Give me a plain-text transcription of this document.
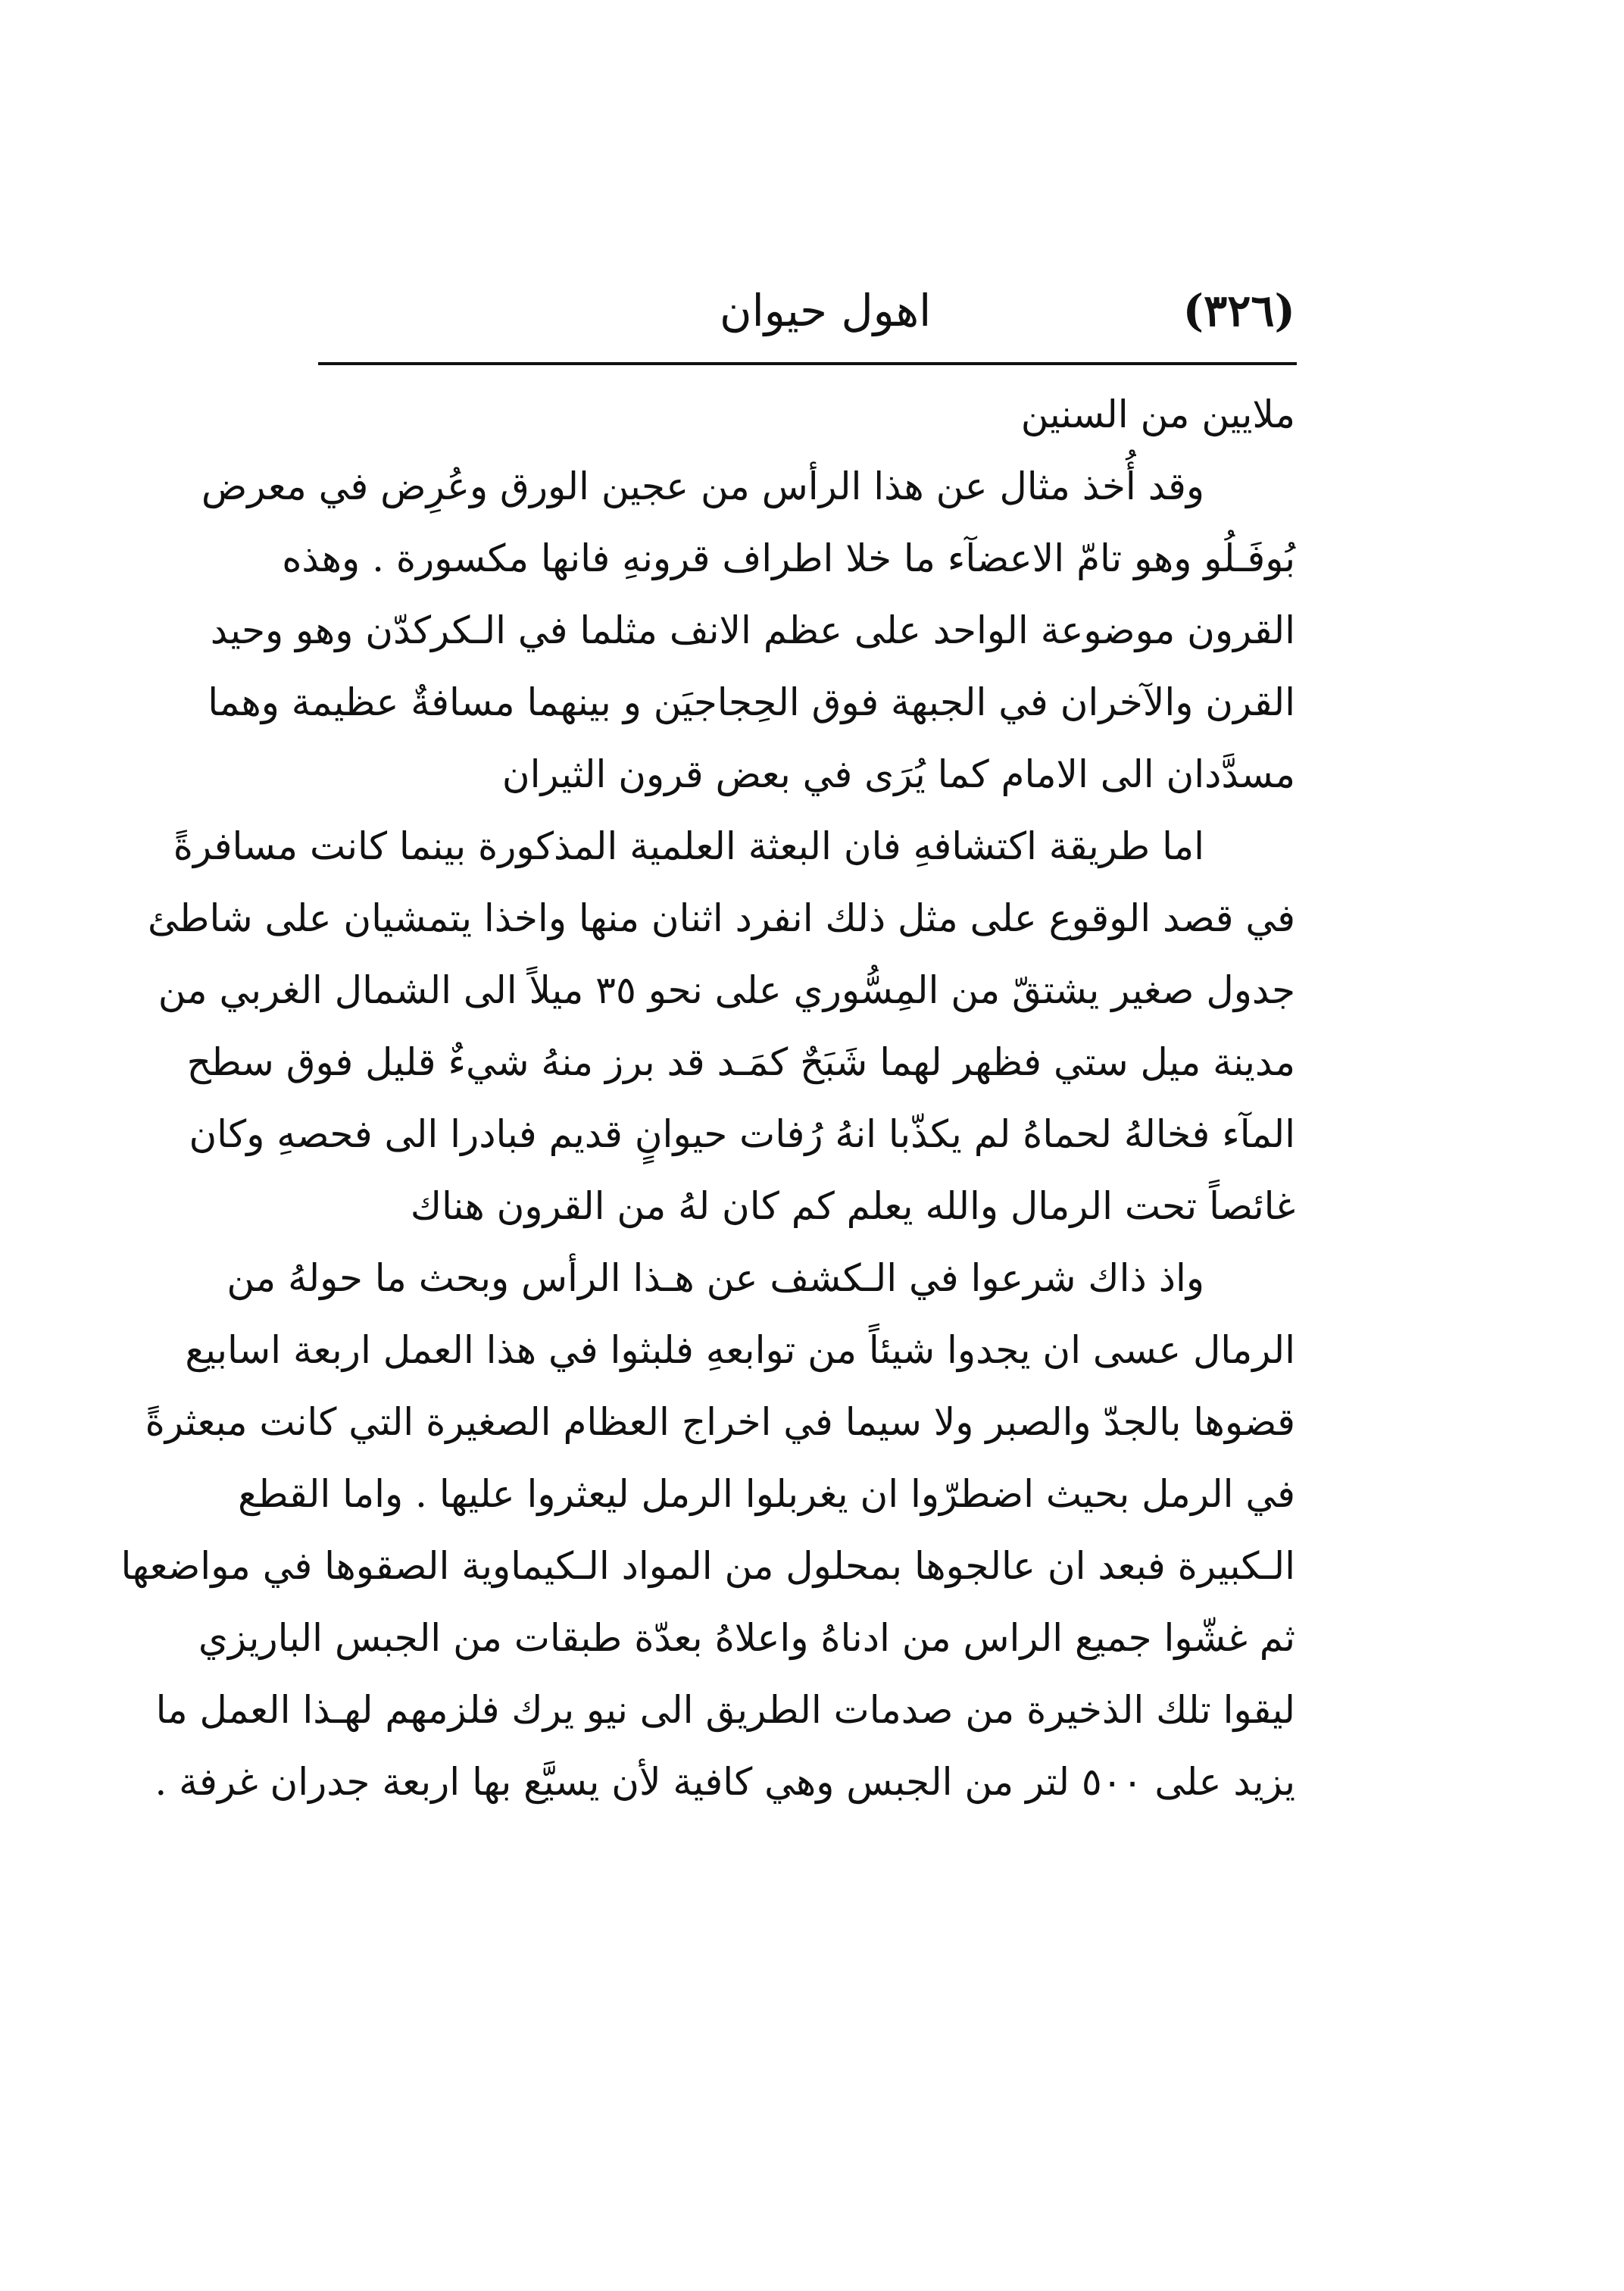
(٣٢٦)
اهول حيوان
ملايين من السنين
وقد أُخذ مثال عن هذا الرأس من عجين الورق وعُرِض في معرض
بُوفَـلُو وهو تامّ الاعضآء ما خلا اطراف قرونهِ فانها مكسورة . وهذه
القرون موضوعة الواحد على عظم الانف مثلما في الـكركدّن وهو وحيد
القرن والآخران في الجبهة فوق الحِجاجيَن و بينهما مسافةٌ عظيمة وهما
مسدَّدان الى الامام كما يُرَى في بعض قرون الثيران
اما طريقة اكتشافهِ فان البعثة العلمية المذكورة بينما كانت مسافرةً
في قصد الوقوع على مثل ذلك انفرد اثنان منها واخذا يتمشيان على شاطئ
جدول صغير يشتقّ من المِسُّوري على نحو ٣٥ ميلاً الى الشمال الغربي من
مدينة ميل ستي فظهر لهما شَبَحٌ كمَـد قد برز منهُ شيءٌ قليل فوق سطح
المآء فخالهُ لحماهُ لم يكذّبا انهُ رُفات حيوانٍ قديم فبادرا الى فحصهِ وكان
غائصاً تحت الرمال والله يعلم كم كان لهُ من القرون هناك
واذ ذاك شرعوا في الـكشف عن هـذا الرأس وبحث ما حولهُ من
الرمال عسى ان يجدوا شيئاً من توابعهِ فلبثوا في هذا العمل اربعة اسابيع
قضوها بالجدّ والصبر ولا سيما في اخراج العظام الصغيرة التي كانت مبعثرةً
في الرمل بحيث اضطرّوا ان يغربلوا الرمل ليعثروا عليها . واما القطع
الـكبيرة فبعد ان عالجوها بمحلول من المواد الـكيماوية الصقوها في مواضعها
ثم غشّوا جميع الراس من ادناهُ واعلاهُ بعدّة طبقات من الجبس الباريزي
ليقوا تلك الذخيرة من صدمات الطريق الى نيو يرك فلزمهم لهـذا العمل ما
يزيد على ٥٠٠ لتر من الجبس وهي كافية لأن يسيَّع بها اربعة جدران غرفة .
